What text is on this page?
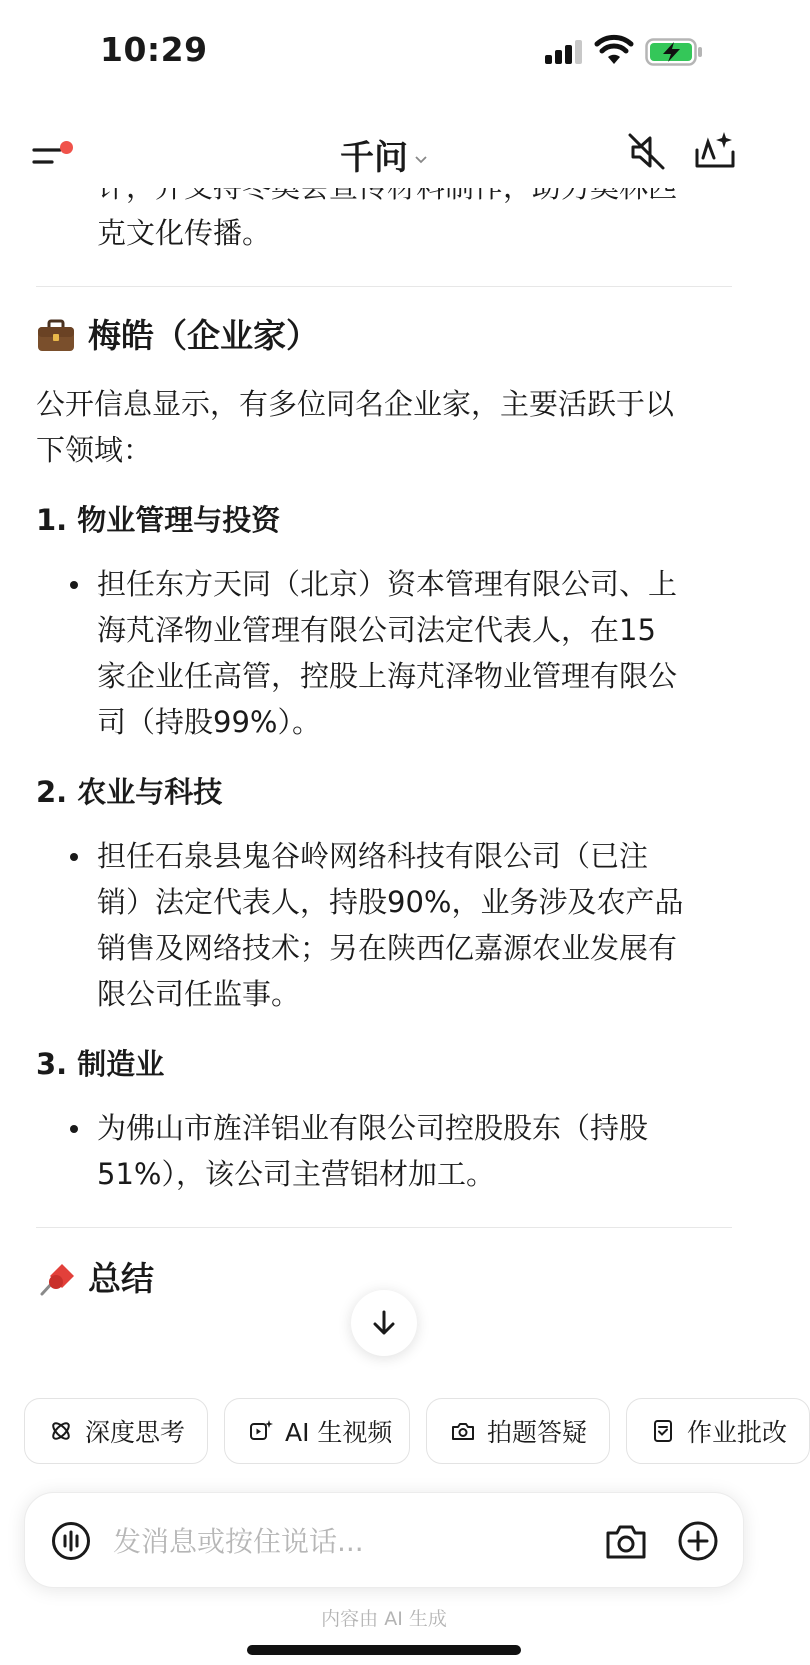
10:29
千问
克文化传播。
梅皓（企业家）
公开信息显示，有多位同名企业家，主要活跃于以
下领域：
1. 物业管理与投资
担任东方天同（北京）资本管理有限公司、上
海芃泽物业管理有限公司法定代表人，在15
家企业任高管，控股上海芃泽物业管理有限公
司（持股99%）。
2. 农业与科技
担任石泉县鬼谷岭网络科技有限公司（已注
销）法定代表人，持股90%，业务涉及农产品
销售及网络技术；另在陕西亿嘉源农业发展有
限公司任监事。
3. 制造业
为佛山市旌洋铝业有限公司控股股东（持股
51%），该公司主营铝材加工。
总结
深度思考	AI 生视频	拍题答疑	作业批改
发消息或按住说话...
内容由 AI 生成
